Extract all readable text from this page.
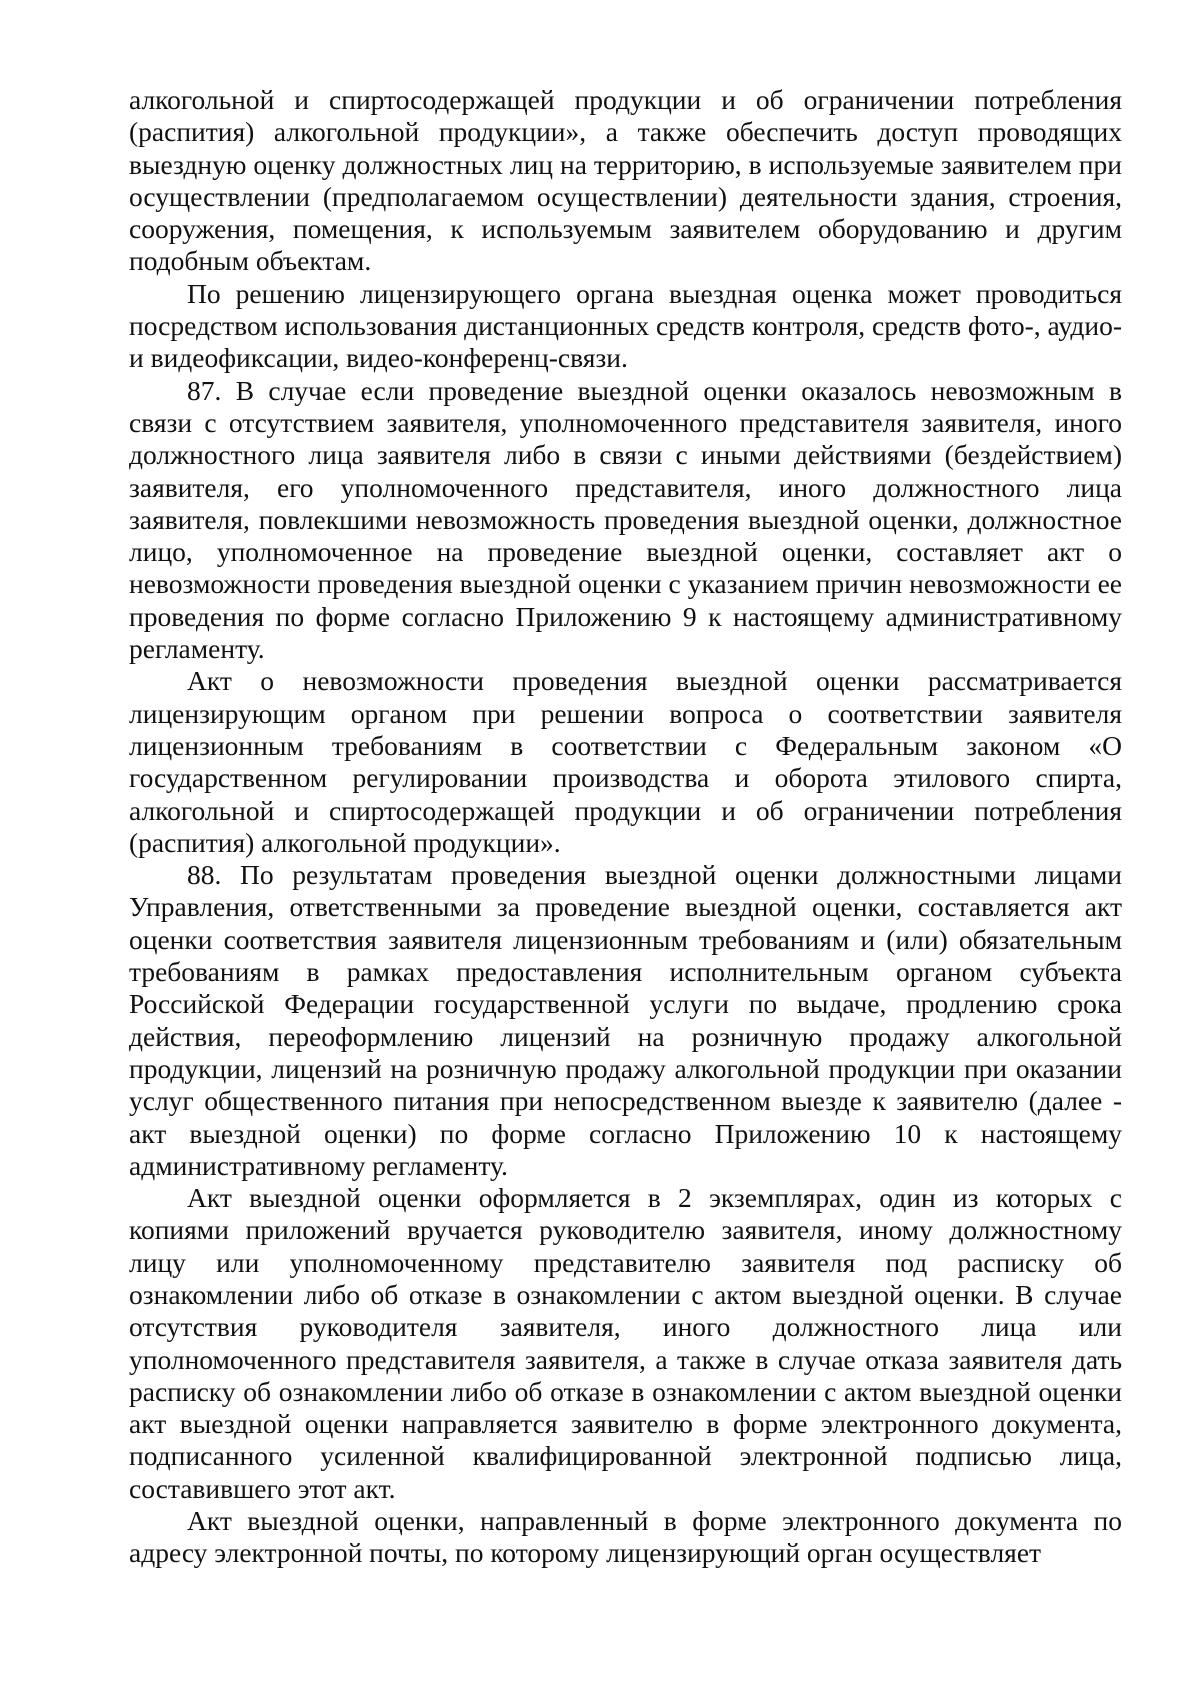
алкогольной и спиртосодержащей продукции и об ограничении потребления (распития) алкогольной продукции», а также обеспечить доступ проводящих выездную оценку должностных лиц на территорию, в используемые заявителем при осуществлении (предполагаемом осуществлении) деятельности здания, строения, сооружения, помещения, к используемым заявителем оборудованию и другим подобным объектам.

По решению лицензирующего органа выездная оценка может проводиться посредством использования дистанционных средств контроля, средств фото-, аудио- и видеофиксации, видео-конференц-связи.

87. В случае если проведение выездной оценки оказалось невозможным в связи с отсутствием заявителя, уполномоченного представителя заявителя, иного должностного лица заявителя либо в связи с иными действиями (бездействием) заявителя, его уполномоченного представителя, иного должностного лица заявителя, повлекшими невозможность проведения выездной оценки, должностное лицо, уполномоченное на проведение выездной оценки, составляет акт о невозможности проведения выездной оценки с указанием причин невозможности ее проведения по форме согласно Приложению 9 к настоящему административному регламенту.

Акт о невозможности проведения выездной оценки рассматривается лицензирующим органом при решении вопроса о соответствии заявителя лицензионным требованиям в соответствии с Федеральным законом «О государственном регулировании производства и оборота этилового спирта, алкогольной и спиртосодержащей продукции и об ограничении потребления (распития) алкогольной продукции».

88. По результатам проведения выездной оценки должностными лицами Управления, ответственными за проведение выездной оценки, составляется акт оценки соответствия заявителя лицензионным требованиям и (или) обязательным требованиям в рамках предоставления исполнительным органом субъекта Российской Федерации государственной услуги по выдаче, продлению срока действия, переоформлению лицензий на розничную продажу алкогольной продукции, лицензий на розничную продажу алкогольной продукции при оказании услуг общественного питания при непосредственном выезде к заявителю (далее - акт выездной оценки) по форме согласно Приложению 10 к настоящему административному регламенту.

Акт выездной оценки оформляется в 2 экземплярах, один из которых с копиями приложений вручается руководителю заявителя, иному должностному лицу или уполномоченному представителю заявителя под расписку об ознакомлении либо об отказе в ознакомлении с актом выездной оценки. В случае отсутствия руководителя заявителя, иного должностного лица или уполномоченного представителя заявителя, а также в случае отказа заявителя дать расписку об ознакомлении либо об отказе в ознакомлении с актом выездной оценки акт выездной оценки направляется заявителю в форме электронного документа, подписанного усиленной квалифицированной электронной подписью лица, составившего этот акт.

Акт выездной оценки, направленный в форме электронного документа по адресу электронной почты, по которому лицензирующий орган осуществляет
